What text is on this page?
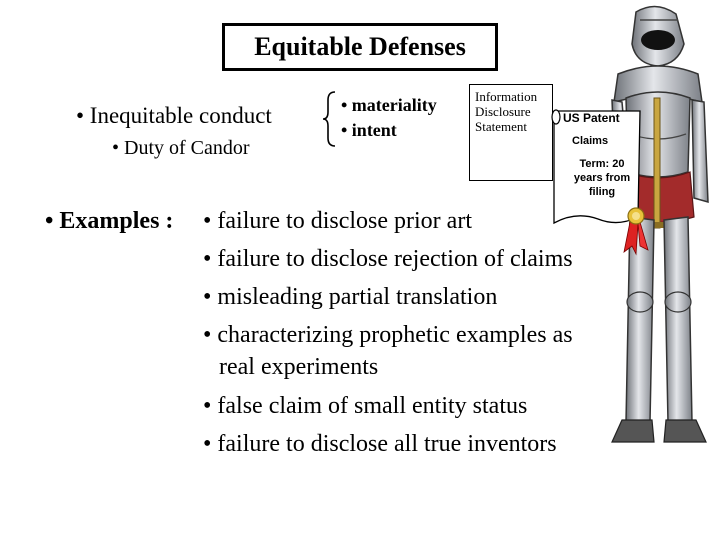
Equitable Defenses
• Inequitable conduct
• Duty of Candor
• materiality
• intent
Information
Disclosure
Statement
US Patent
Claims
Term: 20
years from
filing
• Examples : • failure to disclose prior art
• failure to disclose rejection of claims
• misleading partial translation
• characterizing prophetic examples as
real experiments
• false claim of small entity status
• failure to disclose all true inventors
